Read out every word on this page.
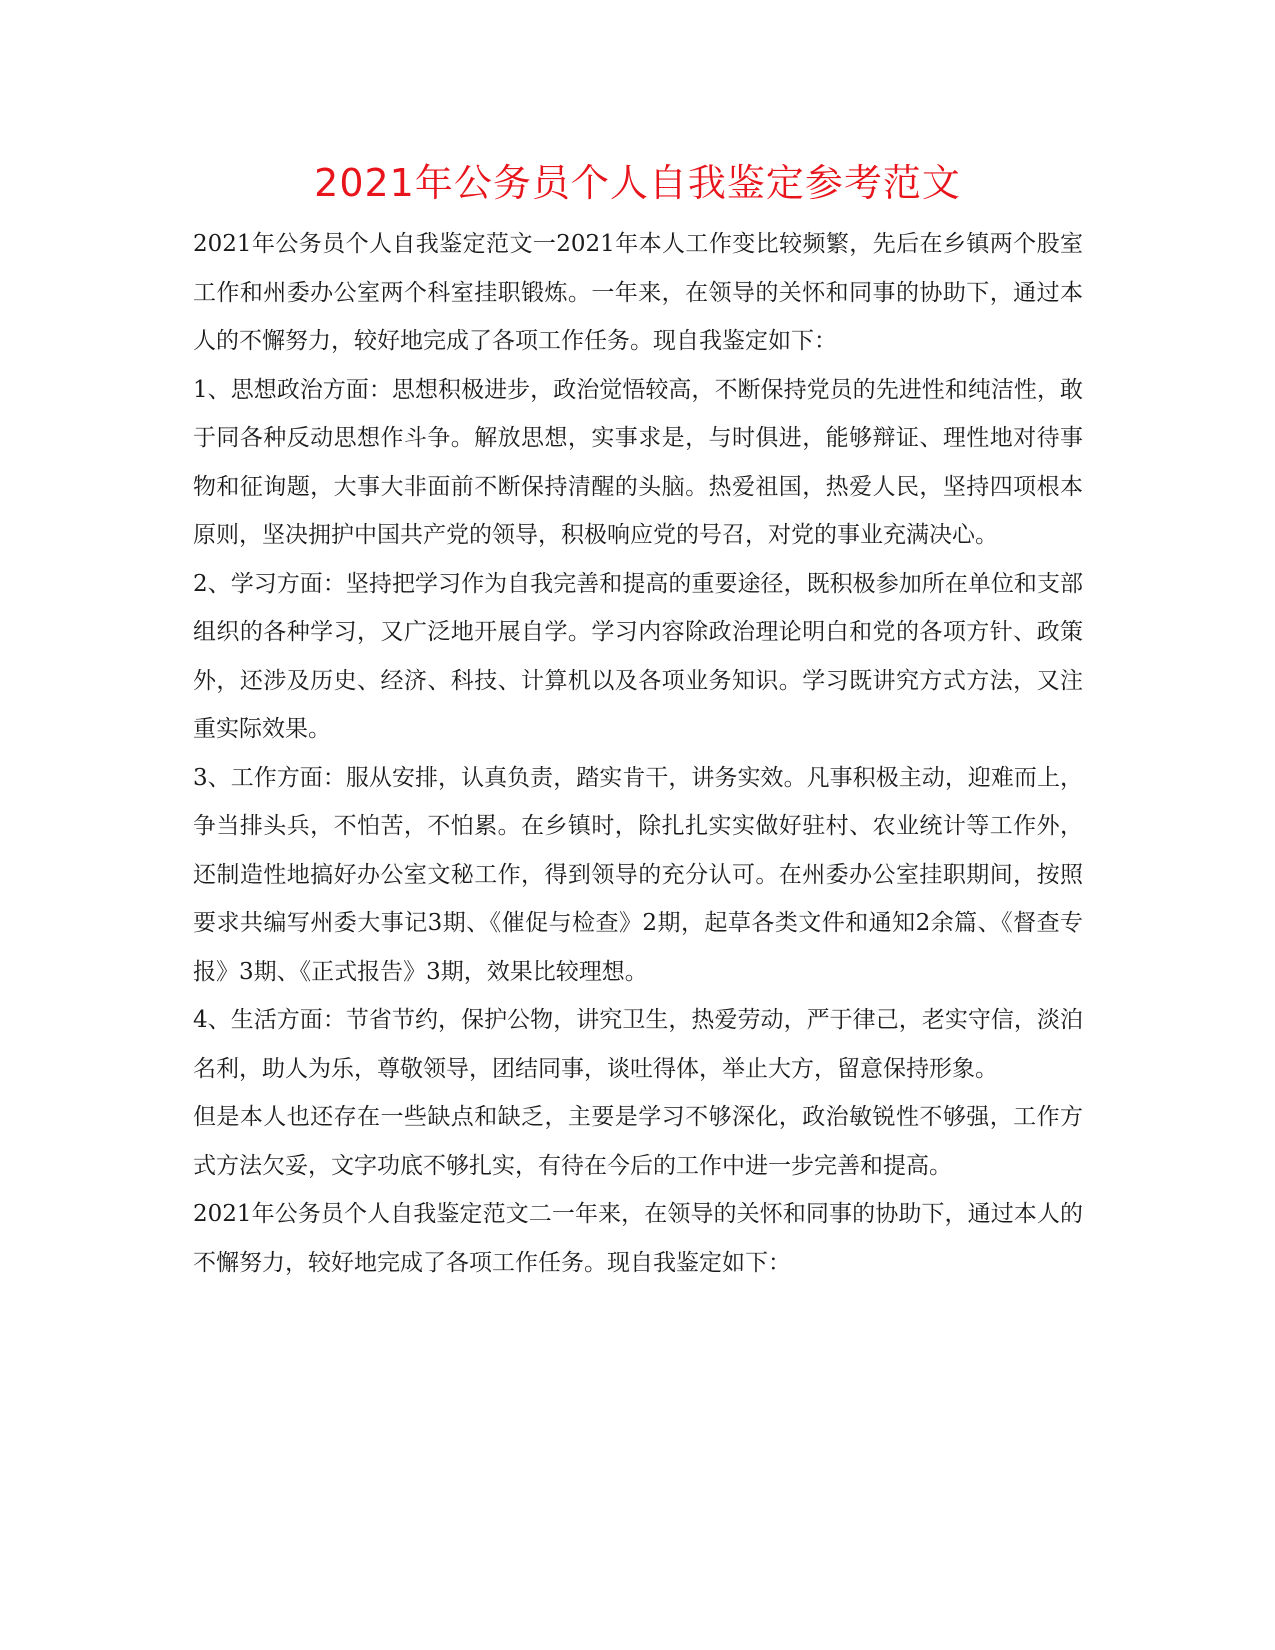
2021年公务员个人自我鉴定参考范文

2021年公务员个人自我鉴定范文一2021年本人工作变比较频繁，先后在乡镇两个股室工作和州委办公室两个科室挂职锻炼。一年来，在领导的关怀和同事的协助下，通过本人的不懈努力，较好地完成了各项工作任务。现自我鉴定如下：

1、思想政治方面：思想积极进步，政治觉悟较高，不断保持党员的先进性和纯洁性，敢于同各种反动思想作斗争。解放思想，实事求是，与时俱进，能够辩证、理性地对待事物和征询题，大事大非面前不断保持清醒的头脑。热爱祖国，热爱人民，坚持四项根本原则，坚决拥护中国共产党的领导，积极响应党的号召，对党的事业充满决心。

2、学习方面：坚持把学习作为自我完善和提高的重要途径，既积极参加所在单位和支部组织的各种学习，又广泛地开展自学。学习内容除政治理论明白和党的各项方针、政策外，还涉及历史、经济、科技、计算机以及各项业务知识。学习既讲究方式方法，又注重实际效果。

3、工作方面：服从安排，认真负责，踏实肯干，讲务实效。凡事积极主动，迎难而上，争当排头兵，不怕苦，不怕累。在乡镇时，除扎扎实实做好驻村、农业统计等工作外，还制造性地搞好办公室文秘工作，得到领导的充分认可。在州委办公室挂职期间，按照要求共编写州委大事记3期、《催促与检查》2期，起草各类文件和通知2余篇、《督查专报》3期、《正式报告》3期，效果比较理想。

4、生活方面：节省节约，保护公物，讲究卫生，热爱劳动，严于律己，老实守信，淡泊名利，助人为乐，尊敬领导，团结同事，谈吐得体，举止大方，留意保持形象。

但是本人也还存在一些缺点和缺乏，主要是学习不够深化，政治敏锐性不够强，工作方式方法欠妥，文字功底不够扎实，有待在今后的工作中进一步完善和提高。

2021年公务员个人自我鉴定范文二一年来，在领导的关怀和同事的协助下，通过本人的不懈努力，较好地完成了各项工作任务。现自我鉴定如下：
